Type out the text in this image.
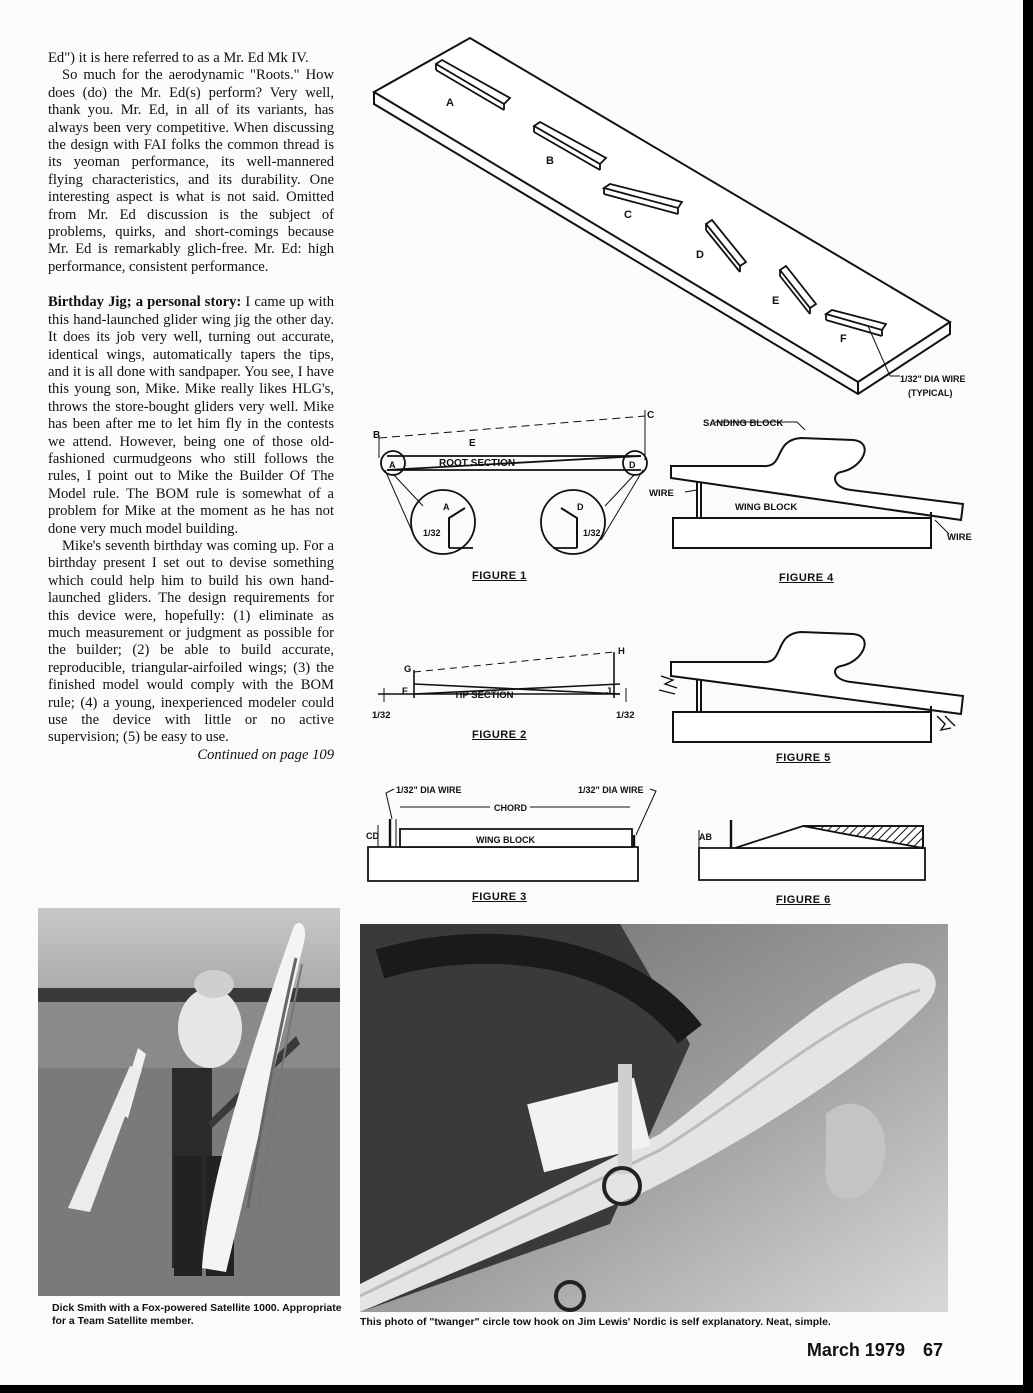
Ed") it is here referred to as a Mr. Ed Mk IV.

So much for the aerodynamic "Roots." How does (do) the Mr. Ed(s) perform? Very well, thank you. Mr. Ed, in all of its variants, has always been very competitive. When discussing the design with FAI folks the common thread is its yeoman performance, its well-mannered flying characteristics, and its durability. One interesting aspect is what is not said. Omitted from Mr. Ed discussion is the subject of problems, quirks, and short-comings because Mr. Ed is remarkably glich-free. Mr. Ed: high performance, consistent performance.

Birthday Jig; a personal story: I came up with this hand-launched glider wing jig the other day. It does its job very well, turning out accurate, identical wings, automatically tapers the tips, and it is all done with sandpaper. You see, I have this young son, Mike. Mike really likes HLG's, throws the store-bought gliders very well. Mike has been after me to let him fly in the contests we attend. However, being one of those old-fashioned curmudgeons who still follows the rules, I point out to Mike the Builder Of The Model rule. The BOM rule is somewhat of a problem for Mike at the moment as he has not done very much model building.

Mike's seventh birthday was coming up. For a birthday present I set out to devise something which could help him to build his own hand-launched gliders. The design requirements for this device were, hopefully: (1) eliminate as much measurement or judgment as possible for the builder; (2) be able to build accurate, reproducible, triangular-airfoiled wings; (3) the finished model would comply with the BOM rule; (4) a young, inexperienced modeler could use the device with little or no active supervision; (5) be easy to use.

Continued on page 109
A
B
C
D
E
F
1/32" DIA WIRE
(TYPICAL)
B
C
E
A	D
ROOT SECTION
A
1/32
D
1/32
FIGURE 1
SANDING BLOCK
WIRE
WING BLOCK
WIRE
FIGURE 4
G
H
F	J
TIP SECTION
1/32	1/32
FIGURE 2
FIGURE 5
1/32" DIA WIRE	1/32" DIA WIRE
CHORD
WING BLOCK
CD
FIGURE 3
AB
FIGURE 6
Dick Smith with a Fox-powered Satellite 1000. Appropriate for a Team Satellite member.	This photo of "twanger" circle tow hook on Jim Lewis' Nordic is self explanatory. Neat, simple.
March 1979 67
